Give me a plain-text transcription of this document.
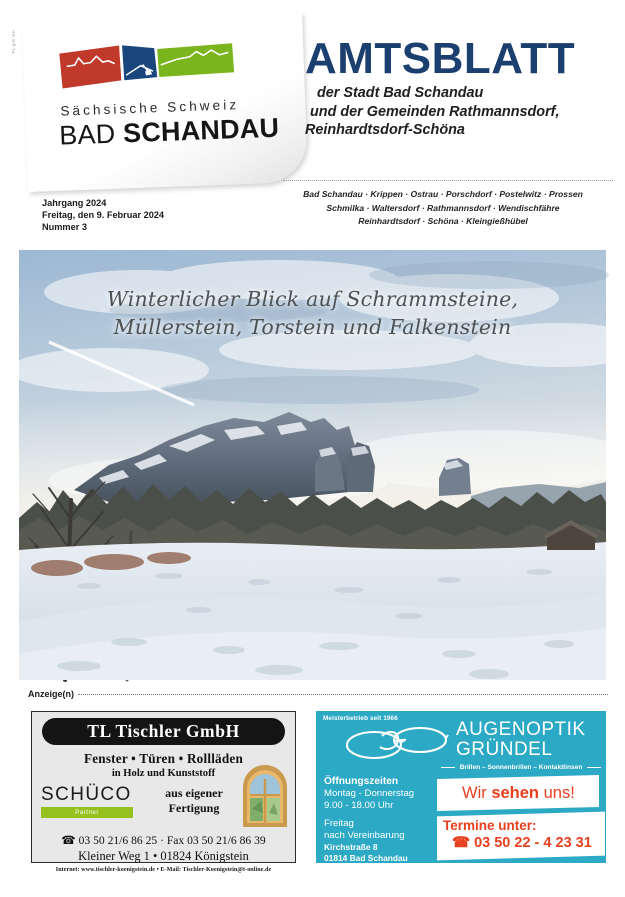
PL-gint HH
Sächsische Schweiz
BAD SCHANDAU
Jahrgang 2024
Freitag, den 9. Februar 2024
Nummer 3
AMTSBLATT
der Stadt Bad Schandau
und der Gemeinden Rathmannsdorf,
Reinhardtsdorf-Schöna
Bad Schandau · Krippen · Ostrau · Porschdorf · Postelwitz · Prossen
Schmilka · Waltersdorf · Rathmannsdorf · Wendischfähre
Reinhardtsdorf · Schöna · Kleingießhübel
Winterlicher Blick auf Schrammsteine,
Müllerstein, Torstein und Falkenstein
Anzeige(n)
TL Tischler GmbH
Fenster • Türen • Rollläden
in Holz und Kunststoff
SCHÜCO
Partner
aus eigener
Fertigung
☎ 03 50 21/6 86 25 · Fax 03 50 21/6 86 39
Kleiner Weg 1 • 01824 Königstein
Internet: www.tischler-koenigstein.de • E-Mail: Tischler-Koenigstein@t-online.de
Meisterbetrieb seit 1966
AUGENOPTIK
GRÜNDEL
Brillen – Sonnenbrillen – Kontaktlinsen
Öffnungszeiten
Montag - Donnerstag
9.00 - 18.00 Uhr
Freitag
nach Vereinbarung
Kirchstraße 8
01814 Bad Schandau
Wir sehen uns!
Termine unter:
☎ 03 50 22 - 4 23 31
